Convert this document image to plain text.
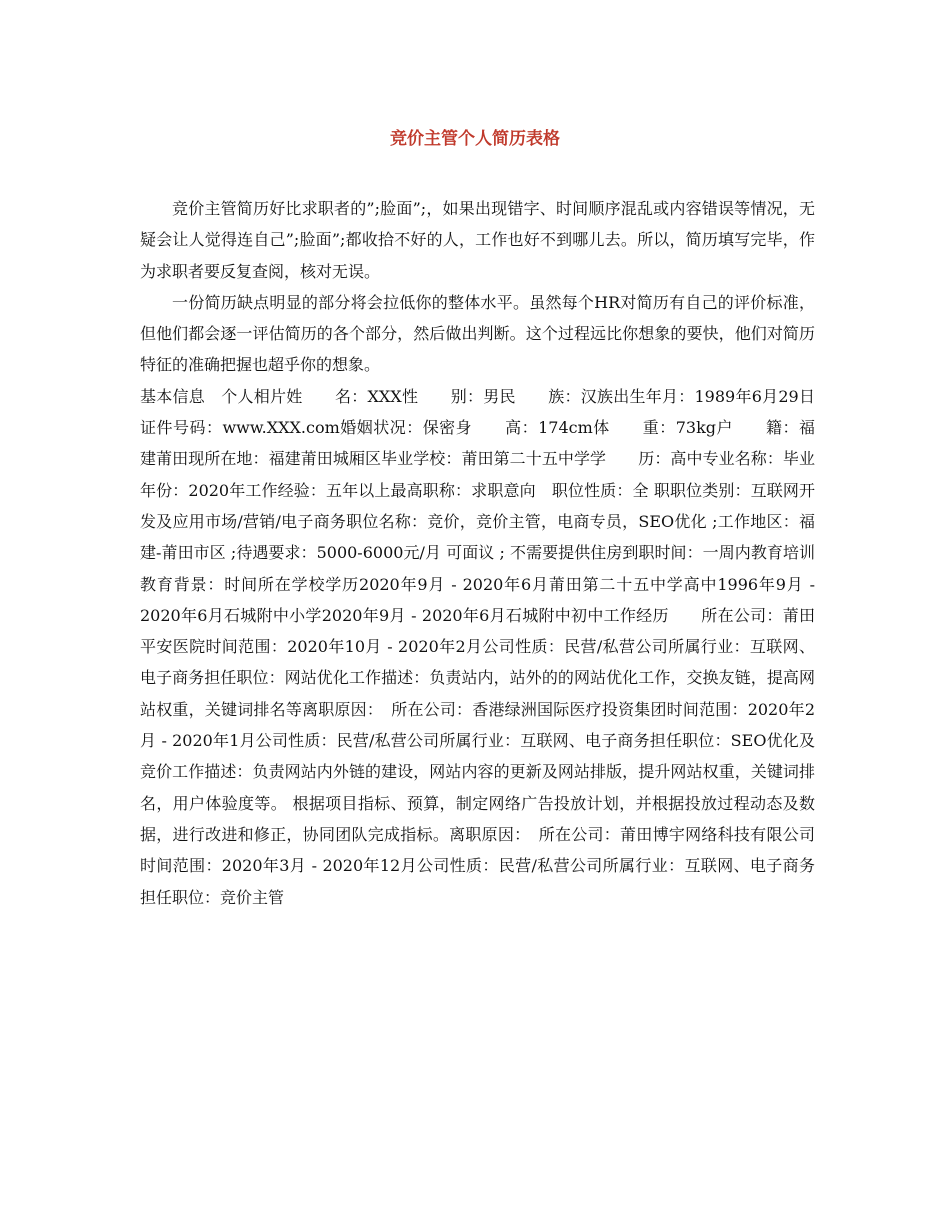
竞价主管个人简历表格

竞价主管简历好比求职者的”;脸面”;，如果出现错字、时间顺序混乱或内容错误等情况，无疑会让人觉得连自己”;脸面”;都收拾不好的人，工作也好不到哪儿去。所以，简历填写完毕，作为求职者要反复查阅，核对无误。

一份简历缺点明显的部分将会拉低你的整体水平。虽然每个HR对简历有自己的评价标准，但他们都会逐一评估简历的各个部分，然后做出判断。这个过程远比你想象的要快，他们对简历特征的准确把握也超乎你的想象。

基本信息　个人相片姓　　名：XXX性　　别：男民　　族：汉族出生年月：1989年6月29日证件号码：www.XXX.com婚姻状况：保密身　　高：174cm体　　重：73kg户　　籍：福建莆田现所在地：福建莆田城厢区毕业学校：莆田第二十五中学学　　历：高中专业名称：毕业年份：2020年工作经验：五年以上最高职称：求职意向　职位性质：全 职职位类别：互联网开发及应用市场/营销/电子商务职位名称：竞价，竞价主管，电商专员，SEO优化 ;工作地区：福建-莆田市区 ;待遇要求：5000-6000元/月 可面议 ; 不需要提供住房到职时间：一周内教育培训 教育背景：时间所在学校学历2020年9月 - 2020年6月莆田第二十五中学高中1996年9月 - 2020年6月石城附中小学2020年9月 - 2020年6月石城附中初中工作经历　　所在公司：莆田平安医院时间范围：2020年10月 - 2020年2月公司性质：民营/私营公司所属行业：互联网、电子商务担任职位：网站优化工作描述：负责站内，站外的的网站优化工作，交换友链，提高网站权重，关键词排名等离职原因：　所在公司：香港绿洲国际医疗投资集团时间范围：2020年2月 - 2020年1月公司性质：民营/私营公司所属行业：互联网、电子商务担任职位：SEO优化及竞价工作描述：负责网站内外链的建设，网站内容的更新及网站排版，提升网站权重，关键词排名，用户体验度等。 根据项目指标、预算，制定网络广告投放计划，并根据投放过程动态及数据，进行改进和修正，协同团队完成指标。离职原因：　所在公司：莆田博宇网络科技有限公司时间范围：2020年3月 - 2020年12月公司性质：民营/私营公司所属行业：互联网、电子商务担任职位：竞价主管
